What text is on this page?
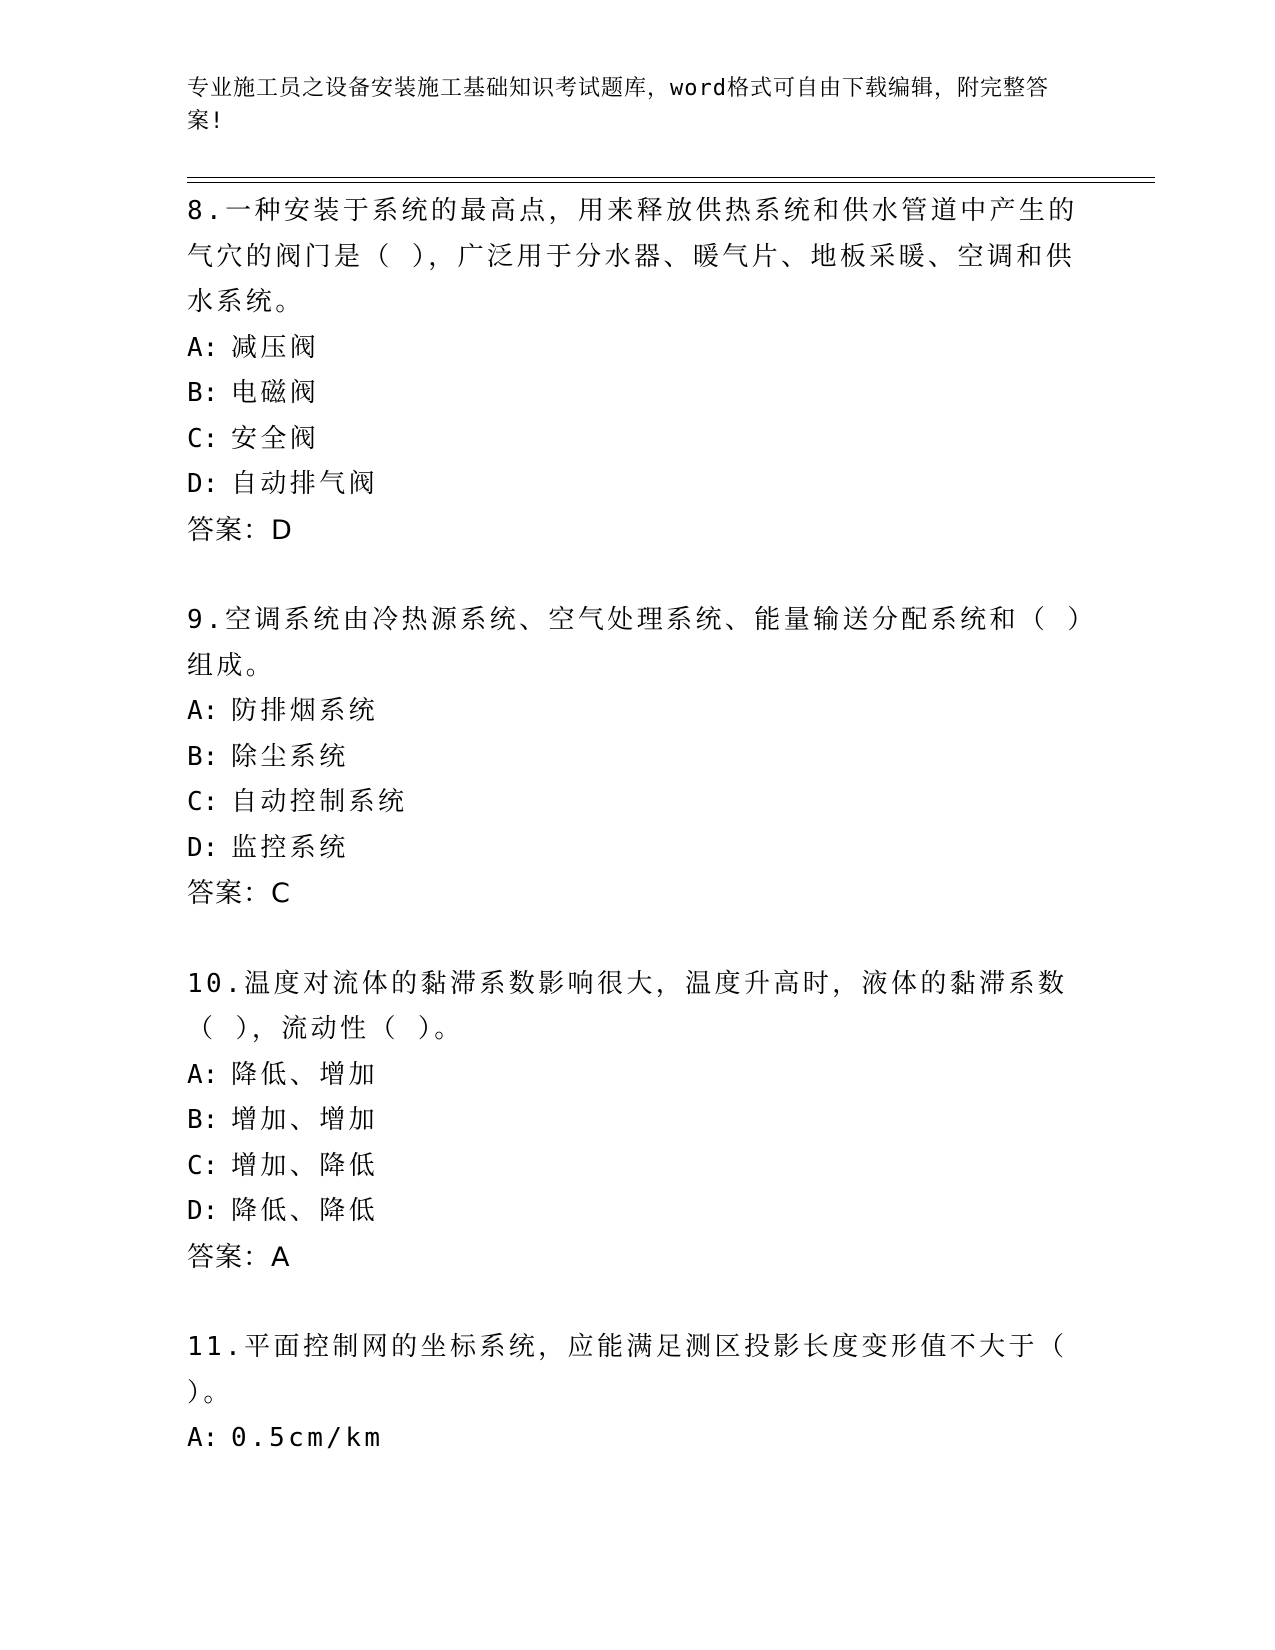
专业施工员之设备安装施工基础知识考试题库，word格式可自由下载编辑，附完整答案!

8.一种安装于系统的最高点，用来释放供热系统和供水管道中产生的气穴的阀门是（ ），广泛用于分水器、暖气片、地板采暖、空调和供水系统。

A: 减压阀

B: 电磁阀

C: 安全阀

D: 自动排气阀

答案：D

9.空调系统由冷热源系统、空气处理系统、能量输送分配系统和（ ）组成。

A: 防排烟系统

B: 除尘系统

C: 自动控制系统

D: 监控系统

答案：C

10.温度对流体的黏滞系数影响很大，温度升高时，液体的黏滞系数（ ），流动性（ ）。

A: 降低、增加

B: 增加、增加

C: 增加、降低

D: 降低、降低

答案：A

11.平面控制网的坐标系统，应能满足测区投影长度变形值不大于（ ）。

A: 0.5cm/km
